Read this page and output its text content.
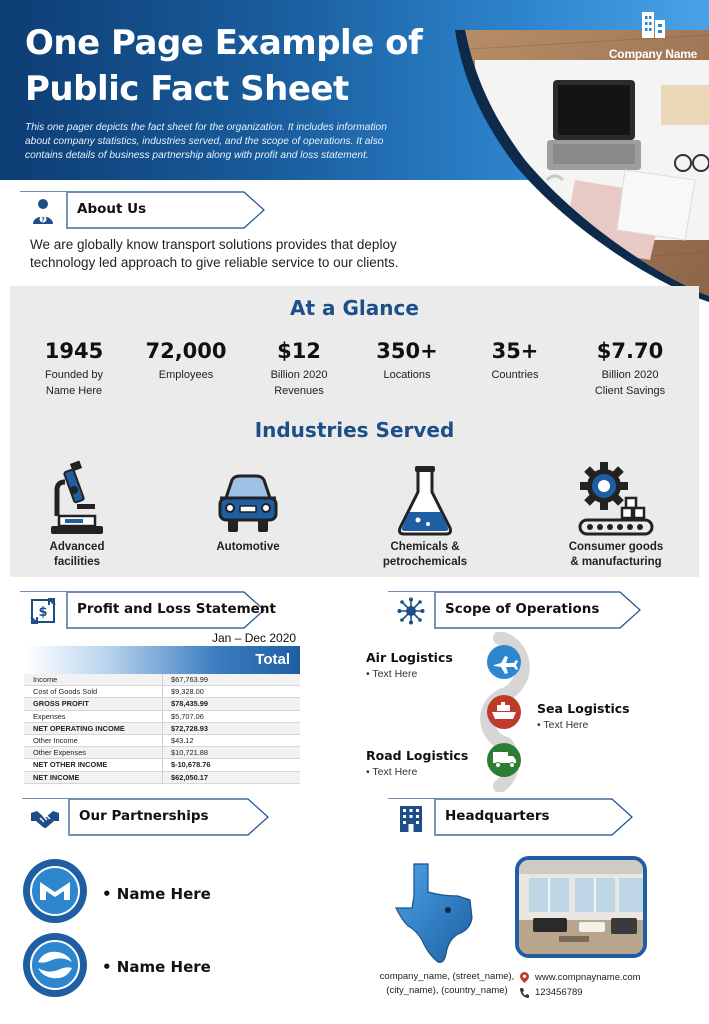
One Page Example of Public Fact Sheet
This one pager depicts the fact sheet for the organization. It includes information about company statistics, industries served, and the scope of operations. It also contains details of business partnership along with profit and loss statement.
Company Name
?
About Us
We are globally know transport solutions provides that deploy technology led approach to give reliable service to our clients.
At a Glance
1945
Founded by Name Here
72,000
Employees
$12
Billion 2020 Revenues
350+
Locations
35+
Countries
$7.70
Billion 2020 Client Savings
Industries Served
Advanced facilities
Automotive	Chemicals & petrochemicals
Consumer goods & manufacturing
$ Profit and Loss Statement
Jan – Dec 2020
Total
Income	$67,763.99
Cost of Goods Sold	$9,328.00
GROSS PROFIT	$78,435.99
Expenses	$5,707.06
NET OPERATING INCOME	$72,728.93
Other Income	$43.12
Other Expenses	$10,721.88
NET OTHER INCOME	$-10,678.76
NET INCOME	$62,050.17
Scope of Operations
Air Logistics
• Text Here
Sea Logistics
• Text Here
Road Logistics
• Text Here
Our Partnerships
• Name Here
• Name Here
Headquarters
company_name, (street_name),
(city_name), (country_name)
www.compnayname.com
123456789
